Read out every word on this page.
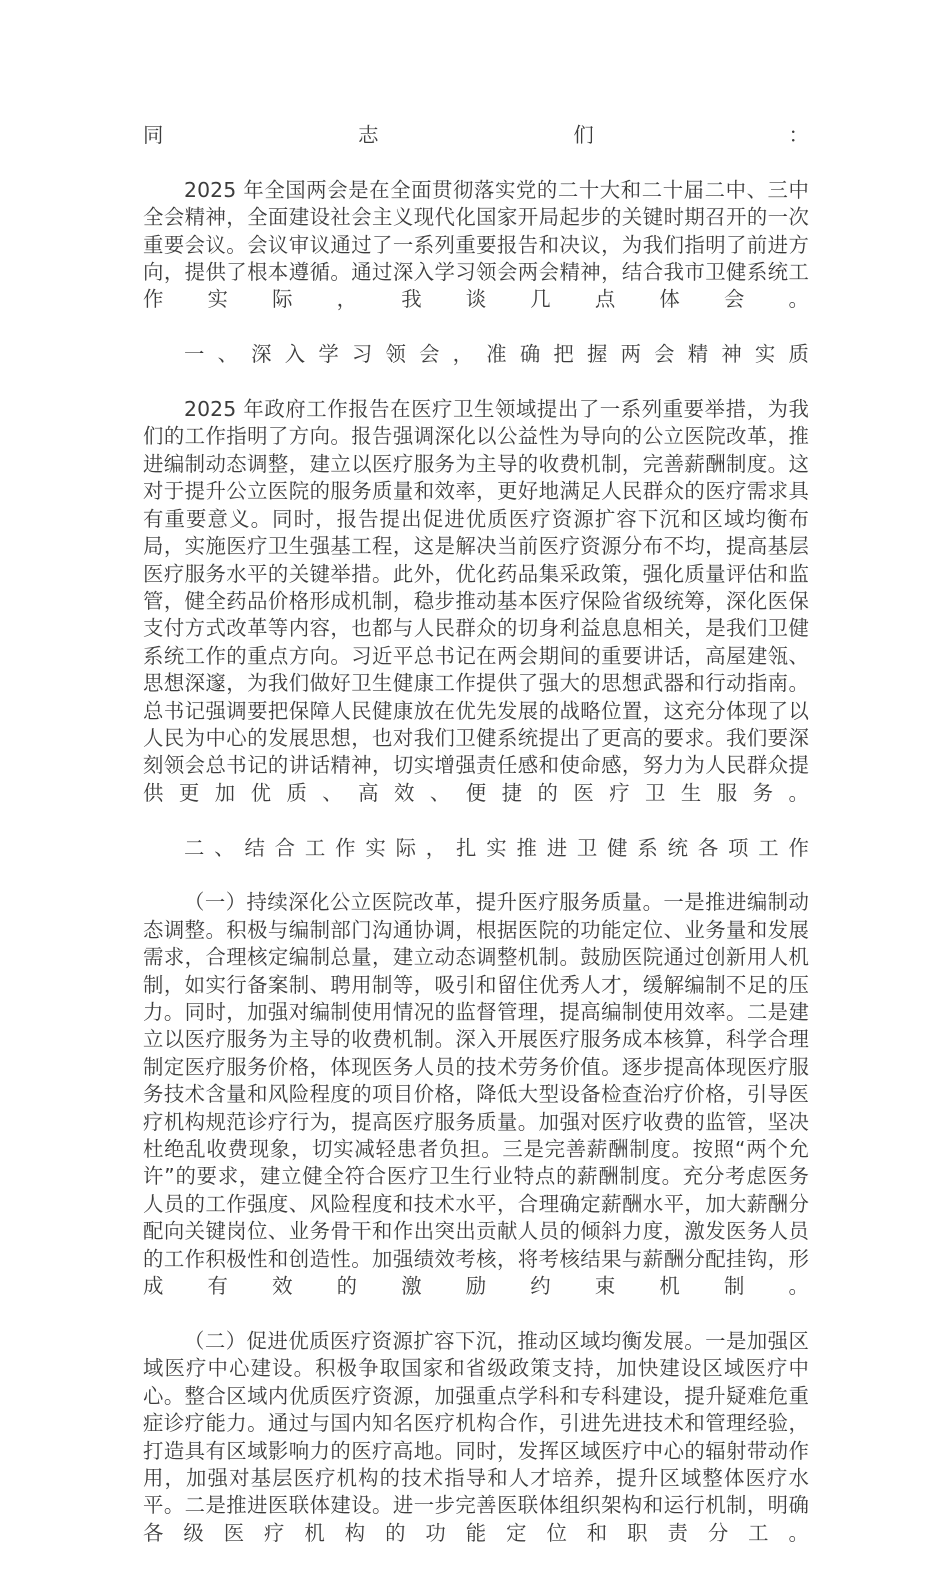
同志们：

2025 年全国两会是在全面贯彻落实党的二十大和二十届二中、三中全会精神，全面建设社会主义现代化国家开局起步的关键时期召开的一次重要会议。会议审议通过了一系列重要报告和决议，为我们指明了前进方向，提供了根本遵循。通过深入学习领会两会精神，结合我市卫健系统工作实际，我谈几点体会。

一、深入学习领会，准确把握两会精神实质

2025 年政府工作报告在医疗卫生领域提出了一系列重要举措，为我们的工作指明了方向。报告强调深化以公益性为导向的公立医院改革，推进编制动态调整，建立以医疗服务为主导的收费机制，完善薪酬制度。这对于提升公立医院的服务质量和效率，更好地满足人民群众的医疗需求具有重要意义。同时，报告提出促进优质医疗资源扩容下沉和区域均衡布局，实施医疗卫生强基工程，这是解决当前医疗资源分布不均，提高基层医疗服务水平的关键举措。此外，优化药品集采政策，强化质量评估和监管，健全药品价格形成机制，稳步推动基本医疗保险省级统筹，深化医保支付方式改革等内容，也都与人民群众的切身利益息息相关，是我们卫健系统工作的重点方向。习近平总书记在两会期间的重要讲话，高屋建瓴、思想深邃，为我们做好卫生健康工作提供了强大的思想武器和行动指南。总书记强调要把保障人民健康放在优先发展的战略位置，这充分体现了以人民为中心的发展思想，也对我们卫健系统提出了更高的要求。我们要深刻领会总书记的讲话精神，切实增强责任感和使命感，努力为人民群众提供更加优质、高效、便捷的医疗卫生服务。

二、结合工作实际，扎实推进卫健系统各项工作

（一）持续深化公立医院改革，提升医疗服务质量。一是推进编制动态调整。积极与编制部门沟通协调，根据医院的功能定位、业务量和发展需求，合理核定编制总量，建立动态调整机制。鼓励医院通过创新用人机制，如实行备案制、聘用制等，吸引和留住优秀人才，缓解编制不足的压力。同时，加强对编制使用情况的监督管理，提高编制使用效率。二是建立以医疗服务为主导的收费机制。深入开展医疗服务成本核算，科学合理制定医疗服务价格，体现医务人员的技术劳务价值。逐步提高体现医疗服务技术含量和风险程度的项目价格，降低大型设备检查治疗价格，引导医疗机构规范诊疗行为，提高医疗服务质量。加强对医疗收费的监管，坚决杜绝乱收费现象，切实减轻患者负担。三是完善薪酬制度。按照“两个允许”的要求，建立健全符合医疗卫生行业特点的薪酬制度。充分考虑医务人员的工作强度、风险程度和技术水平，合理确定薪酬水平，加大薪酬分配向关键岗位、业务骨干和作出突出贡献人员的倾斜力度，激发医务人员的工作积极性和创造性。加强绩效考核，将考核结果与薪酬分配挂钩，形成有效的激励约束机制。

（二）促进优质医疗资源扩容下沉，推动区域均衡发展。一是加强区域医疗中心建设。积极争取国家和省级政策支持，加快建设区域医疗中心。整合区域内优质医疗资源，加强重点学科和专科建设，提升疑难危重症诊疗能力。通过与国内知名医疗机构合作，引进先进技术和管理经验，打造具有区域影响力的医疗高地。同时，发挥区域医疗中心的辐射带动作用，加强对基层医疗机构的技术指导和人才培养，提升区域整体医疗水平。二是推进医联体建设。进一步完善医联体组织架构和运行机制，明确各级医疗机构的功能定位和职责分工。
